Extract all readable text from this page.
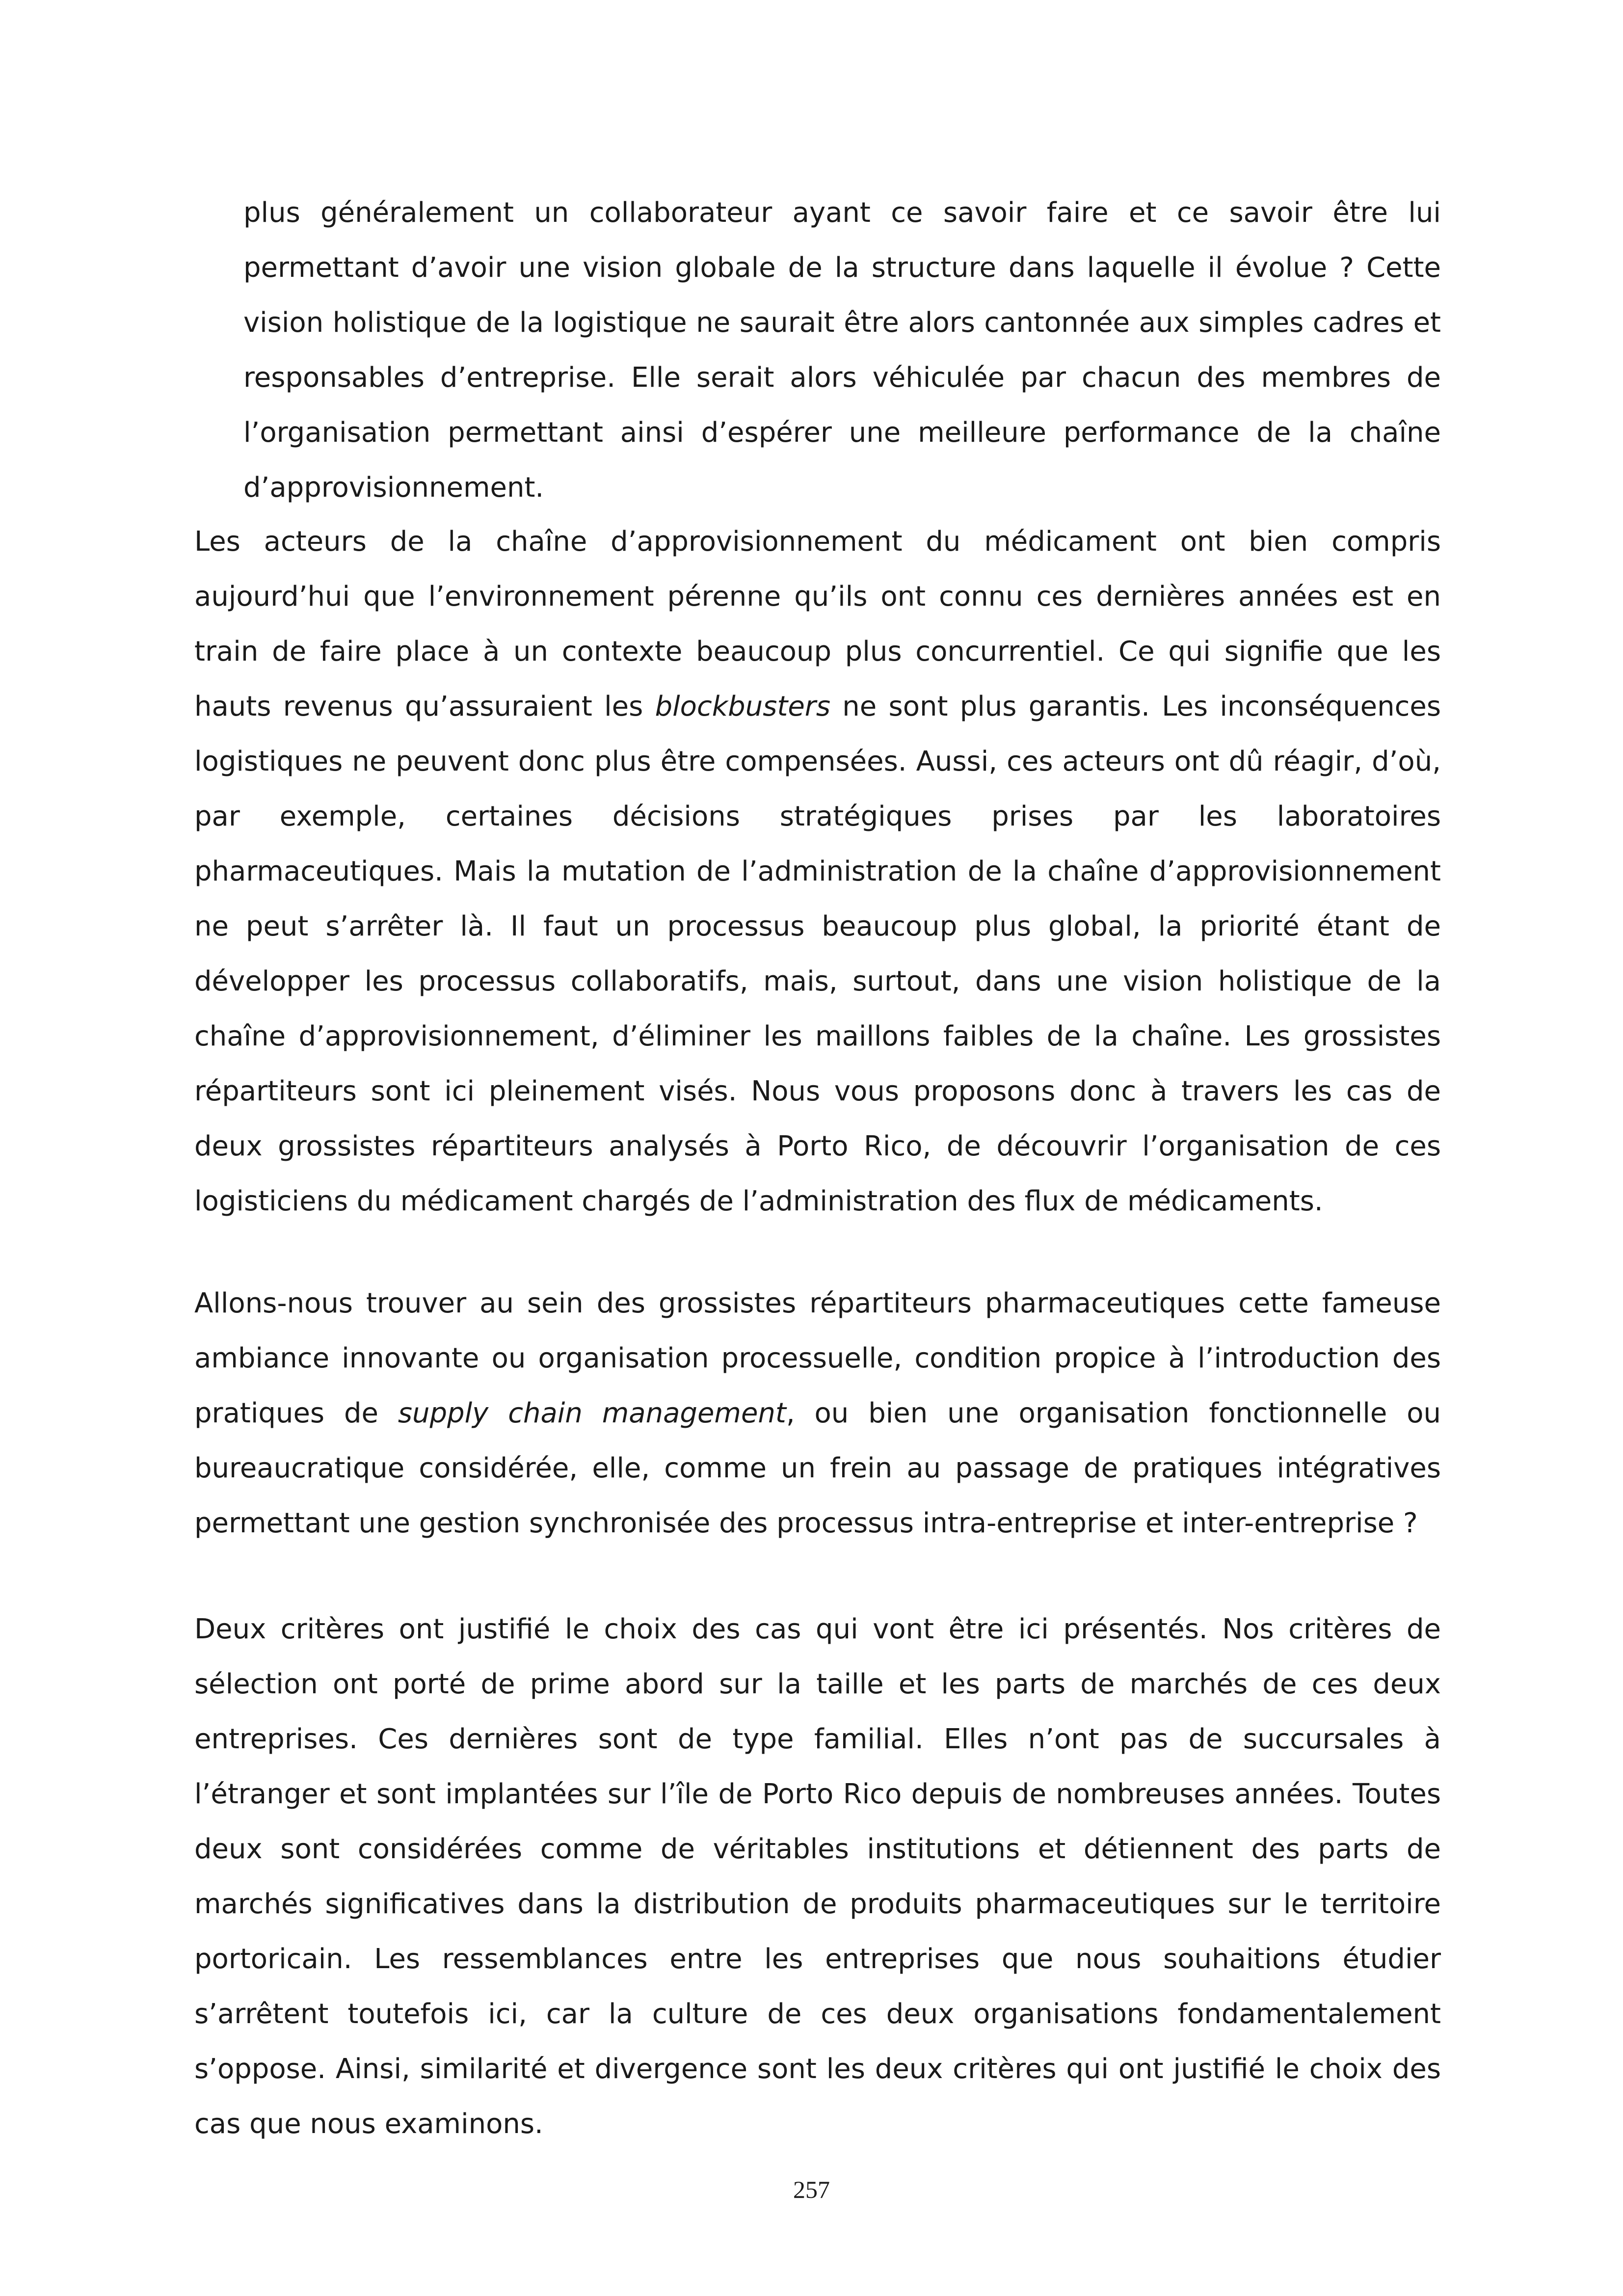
plus généralement un collaborateur ayant ce savoir faire et ce savoir être lui permettant d’avoir une vision globale de la structure dans laquelle il évolue ? Cette vision holistique de la logistique ne saurait être alors cantonnée aux simples cadres et responsables d’entreprise. Elle serait alors véhiculée par chacun des membres de l’organisation permettant ainsi d’espérer une meilleure performance de la chaîne d’approvisionnement.

Les acteurs de la chaîne d’approvisionnement du médicament ont bien compris aujourd’hui que l’environnement pérenne qu’ils ont connu ces dernières années est en train de faire place à un contexte beaucoup plus concurrentiel. Ce qui signifie que les hauts revenus qu’assuraient les blockbusters ne sont plus garantis. Les inconséquences logistiques ne peuvent donc plus être compensées. Aussi, ces acteurs ont dû réagir, d’où, par exemple, certaines décisions stratégiques prises par les laboratoires pharmaceutiques. Mais la mutation de l’administration de la chaîne d’approvisionnement ne peut s’arrêter là. Il faut un processus beaucoup plus global, la priorité étant de développer les processus collaboratifs, mais, surtout, dans une vision holistique de la chaîne d’approvisionnement, d’éliminer les maillons faibles de la chaîne. Les grossistes répartiteurs sont ici pleinement visés. Nous vous proposons donc à travers les cas de deux grossistes répartiteurs analysés à Porto Rico, de découvrir l’organisation de ces logisticiens du médicament chargés de l’administration des flux de médicaments.

Allons-nous trouver au sein des grossistes répartiteurs pharmaceutiques cette fameuse ambiance innovante ou organisation processuelle, condition propice à l’introduction des pratiques de supply chain management, ou bien une organisation fonctionnelle ou bureaucratique considérée, elle, comme un frein au passage de pratiques intégratives permettant une gestion synchronisée des processus intra-entreprise et inter-entreprise ?

Deux critères ont justifié le choix des cas qui vont être ici présentés. Nos critères de sélection ont porté de prime abord sur la taille et les parts de marchés de ces deux entreprises. Ces dernières sont de type familial. Elles n’ont pas de succursales à l’étranger et sont implantées sur l’île de Porto Rico depuis de nombreuses années. Toutes deux sont considérées comme de véritables institutions et détiennent des parts de marchés significatives dans la distribution de produits pharmaceutiques sur le territoire portoricain. Les ressemblances entre les entreprises que nous souhaitions étudier s’arrêtent toutefois ici, car la culture de ces deux organisations fondamentalement s’oppose. Ainsi, similarité et divergence sont les deux critères qui ont justifié le choix des cas que nous examinons.

257
